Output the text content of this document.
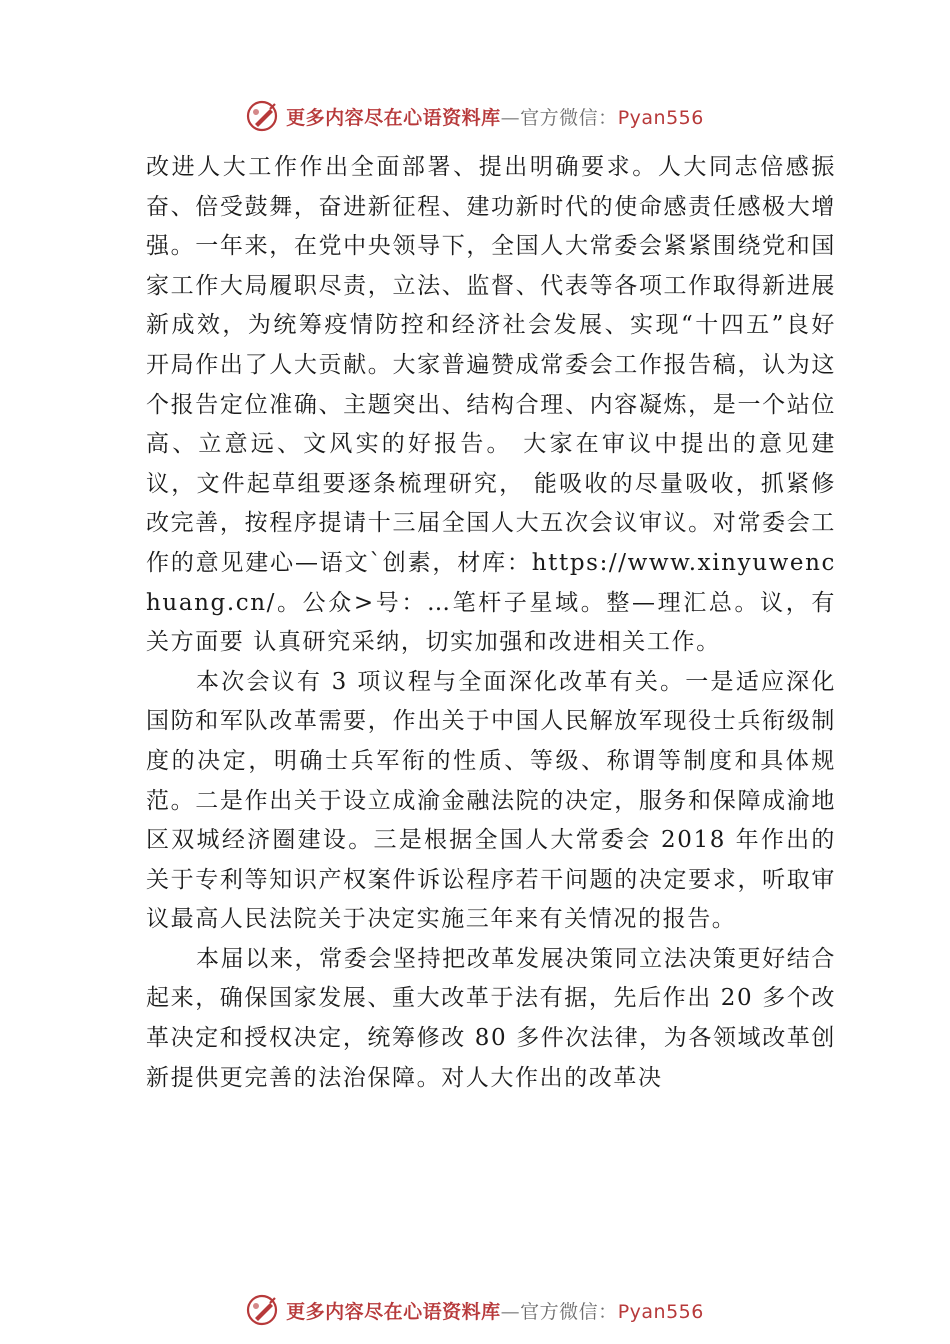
更多内容尽在心语资料库—官方微信：Pyan556

改进人大工作作出全面部署、提出明确要求。人大同志倍感振奋、倍受鼓舞，奋进新征程、建功新时代的使命感责任感极大增强。一年来，在党中央领导下，全国人大常委会紧紧围绕党和国家工作大局履职尽责，立法、监督、代表等各项工作取得新进展新成效，为统筹疫情防控和经济社会发展、实现“十四五”良好开局作出了人大贡献。大家普遍赞成常委会工作报告稿，认为这个报告定位准确、主题突出、结构合理、内容凝炼，是一个站位高、立意远、文风实的好报告。 大家在审议中提出的意见建议，文件起草组要逐条梳理研究， 能吸收的尽量吸收，抓紧修改完善，按程序提请十三届全国人大五次会议审议。对常委会工作的意见建心—语文`创素，材库：https://www.xinyuwenchuang.cn/。公众>号：…笔杆子星域。整—理汇总。议，有关方面要 认真研究采纳，切实加强和改进相关工作。

本次会议有 3 项议程与全面深化改革有关。一是适应深化国防和军队改革需要，作出关于中国人民解放军现役士兵衔级制度的决定，明确士兵军衔的性质、等级、称谓等制度和具体规范。二是作出关于设立成渝金融法院的决定，服务和保障成渝地区双城经济圈建设。三是根据全国人大常委会 2018 年作出的关于专利等知识产权案件诉讼程序若干问题的决定要求，听取审议最高人民法院关于决定实施三年来有关情况的报告。

本届以来，常委会坚持把改革发展决策同立法决策更好结合起来，确保国家发展、重大改革于法有据，先后作出 20 多个改革决定和授权决定，统筹修改 80 多件次法律，为各领域改革创新提供更完善的法治保障。对人大作出的改革决

更多内容尽在心语资料库—官方微信：Pyan556
